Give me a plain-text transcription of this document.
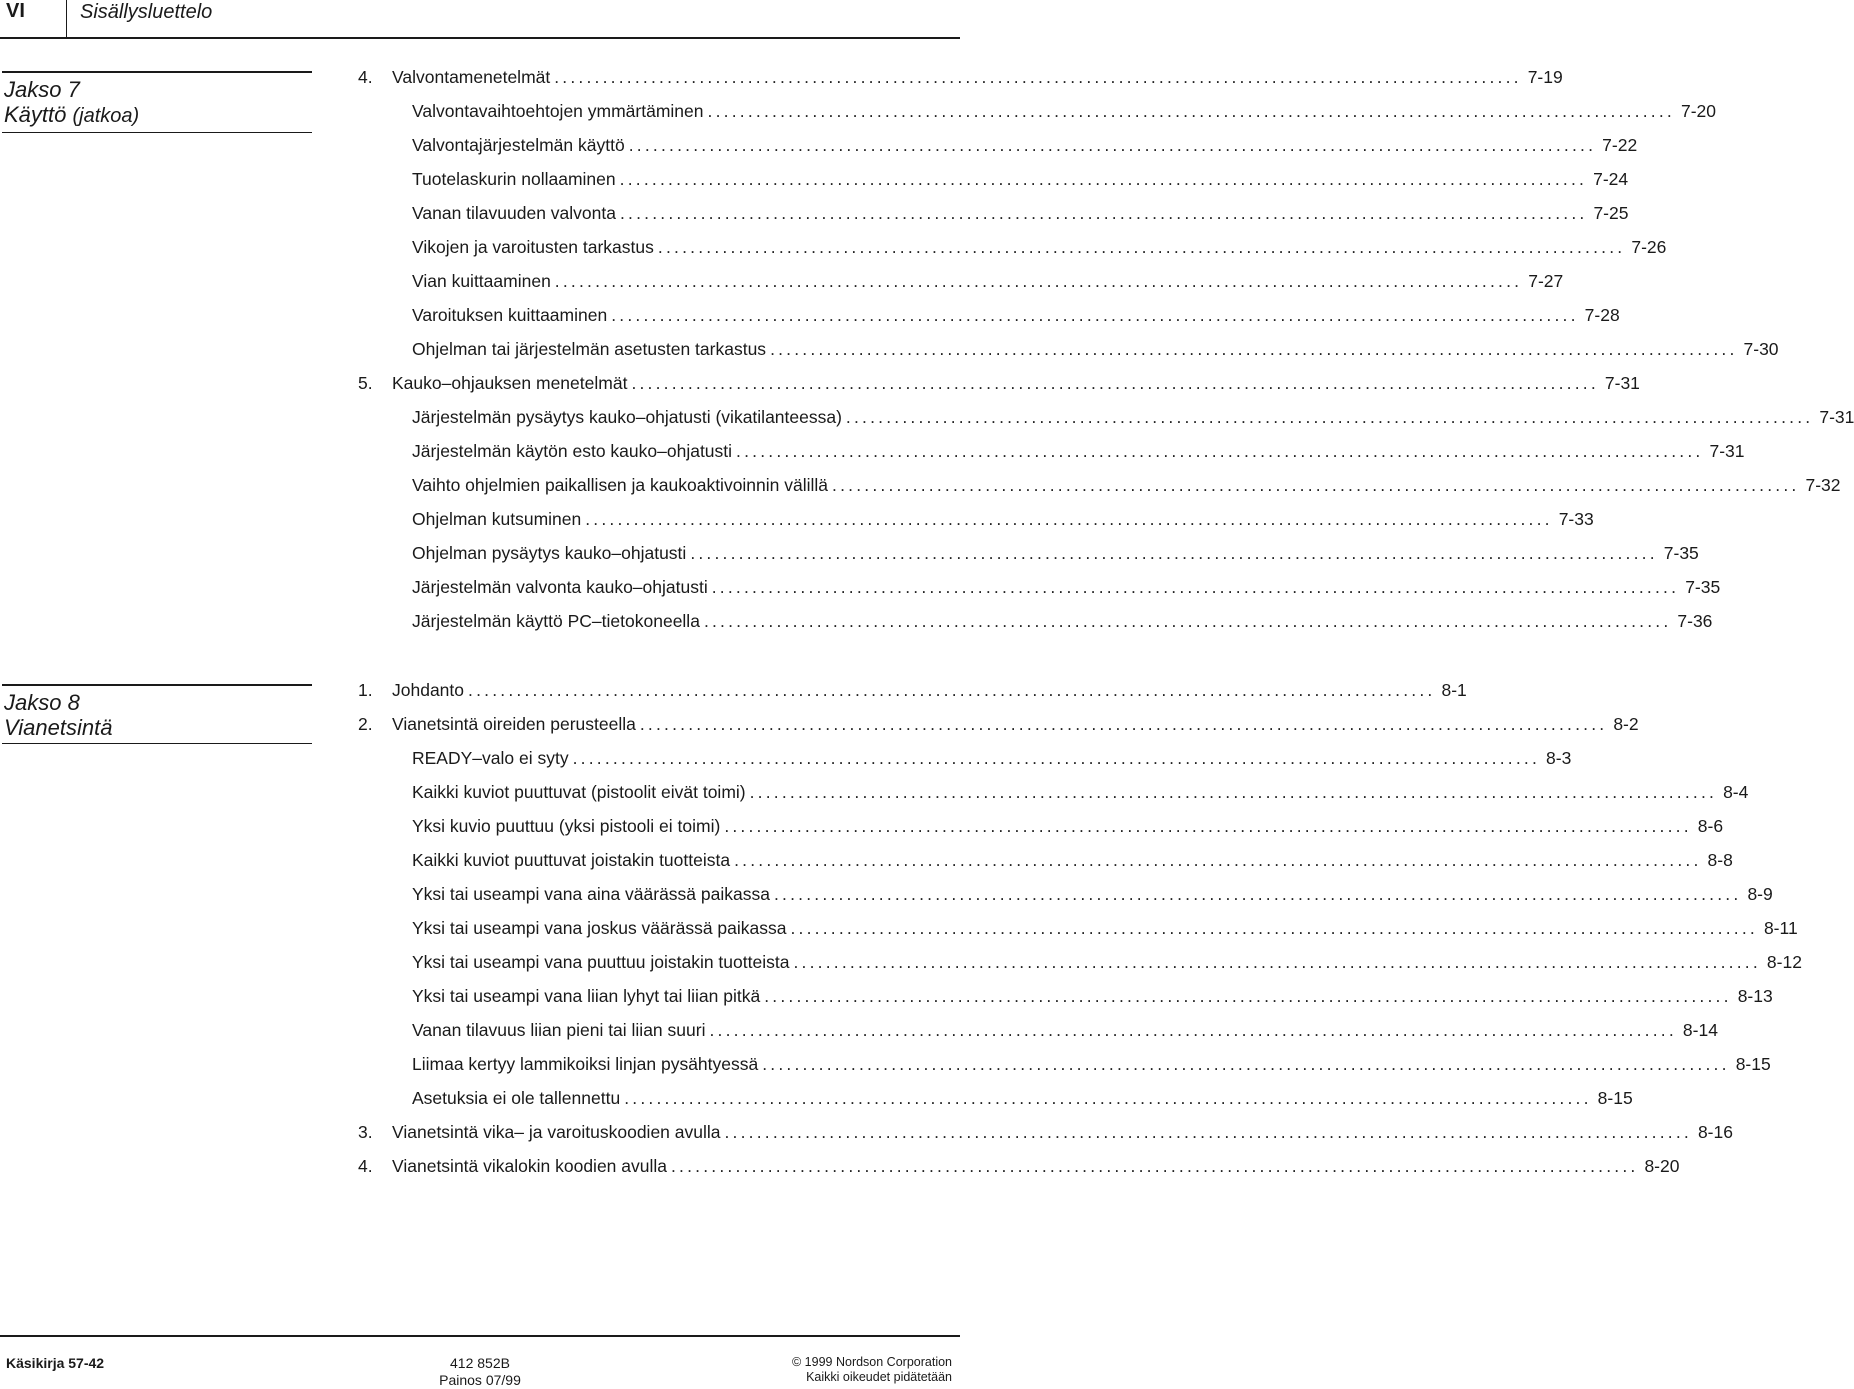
VI	Sisällysluettelo
Jakso 7
Käyttö (jatkoa)
Jakso 8
Vianetsintä
4.	Valvontamenetelmät ........................................................................................................................ 7-19
Valvontavaihtoehtojen ymmärtäminen ........................................................................................................................ 7-20
Valvontajärjestelmän käyttö ........................................................................................................................ 7-22
Tuotelaskurin nollaaminen ........................................................................................................................ 7-24
Vanan tilavuuden valvonta ........................................................................................................................ 7-25
Vikojen ja varoitusten tarkastus ........................................................................................................................ 7-26
Vian kuittaaminen ........................................................................................................................ 7-27
Varoituksen kuittaaminen ........................................................................................................................ 7-28
Ohjelman tai järjestelmän asetusten tarkastus ........................................................................................................................ 7-30
5.	Kauko–ohjauksen menetelmät ........................................................................................................................ 7-31
Järjestelmän pysäytys kauko–ohjatusti (vikatilanteessa) ........................................................................................................................ 7-31
Järjestelmän käytön esto kauko–ohjatusti ........................................................................................................................ 7-31
Vaihto ohjelmien paikallisen ja kaukoaktivoinnin välillä ........................................................................................................................ 7-32
Ohjelman kutsuminen ........................................................................................................................ 7-33
Ohjelman pysäytys kauko–ohjatusti ........................................................................................................................ 7-35
Järjestelmän valvonta kauko–ohjatusti ........................................................................................................................ 7-35
Järjestelmän käyttö PC–tietokoneella ........................................................................................................................ 7-36
1.	Johdanto ........................................................................................................................ 8-1
2.	Vianetsintä oireiden perusteella ........................................................................................................................ 8-2
READY–valo ei syty ........................................................................................................................ 8-3
Kaikki kuviot puuttuvat (pistoolit eivät toimi) ........................................................................................................................ 8-4
Yksi kuvio puuttuu (yksi pistooli ei toimi) ........................................................................................................................ 8-6
Kaikki kuviot puuttuvat joistakin tuotteista ........................................................................................................................ 8-8
Yksi tai useampi vana aina väärässä paikassa ........................................................................................................................ 8-9
Yksi tai useampi vana joskus väärässä paikassa ........................................................................................................................ 8-11
Yksi tai useampi vana puuttuu joistakin tuotteista ........................................................................................................................ 8-12
Yksi tai useampi vana liian lyhyt tai liian pitkä ........................................................................................................................ 8-13
Vanan tilavuus liian pieni tai liian suuri ........................................................................................................................ 8-14
Liimaa kertyy lammikoiksi linjan pysähtyessä ........................................................................................................................ 8-15
Asetuksia ei ole tallennettu ........................................................................................................................ 8-15
3.	Vianetsintä vika– ja varoituskoodien avulla ........................................................................................................................ 8-16
4.	Vianetsintä vikalokin koodien avulla ........................................................................................................................ 8-20
Käsikirja 57-42	412 852B
Painos 07/99
© 1999 Nordson Corporation
Kaikki oikeudet pidätetään
